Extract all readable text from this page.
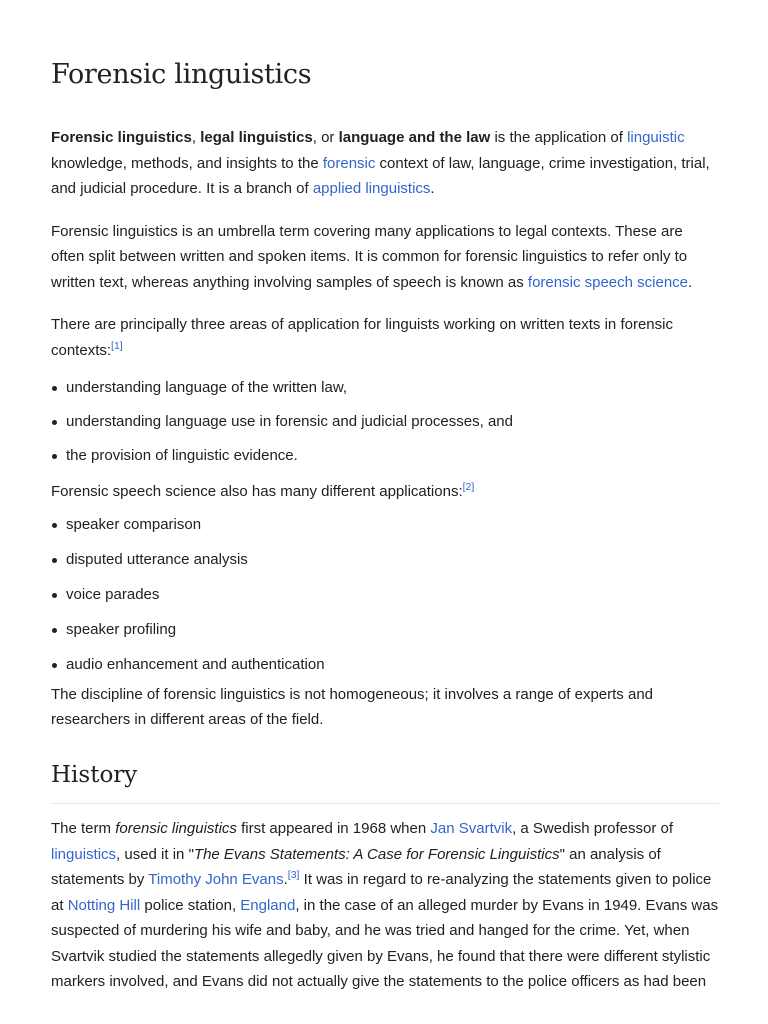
Forensic linguistics

Forensic linguistics, legal linguistics, or language and the law is the application of linguistic knowledge, methods, and insights to the forensic context of law, language, crime investigation, trial, and judicial procedure. It is a branch of applied linguistics.

Forensic linguistics is an umbrella term covering many applications to legal contexts. These are often split between written and spoken items. It is common for forensic linguistics to refer only to written text, whereas anything involving samples of speech is known as forensic speech science.

There are principally three areas of application for linguists working on written texts in forensic contexts:[1]

understanding language of the written law,
understanding language use in forensic and judicial processes, and
the provision of linguistic evidence.

Forensic speech science also has many different applications:[2]

speaker comparison
disputed utterance analysis
voice parades
speaker profiling
audio enhancement and authentication

The discipline of forensic linguistics is not homogeneous; it involves a range of experts and researchers in different areas of the field.

History

The term forensic linguistics first appeared in 1968 when Jan Svartvik, a Swedish professor of linguistics, used it in "The Evans Statements: A Case for Forensic Linguistics" an analysis of statements by Timothy John Evans.[3] It was in regard to re-analyzing the statements given to police at Notting Hill police station, England, in the case of an alleged murder by Evans in 1949. Evans was suspected of murdering his wife and baby, and he was tried and hanged for the crime. Yet, when Svartvik studied the statements allegedly given by Evans, he found that there were different stylistic markers involved, and Evans did not actually give the statements to the police officers as had been
